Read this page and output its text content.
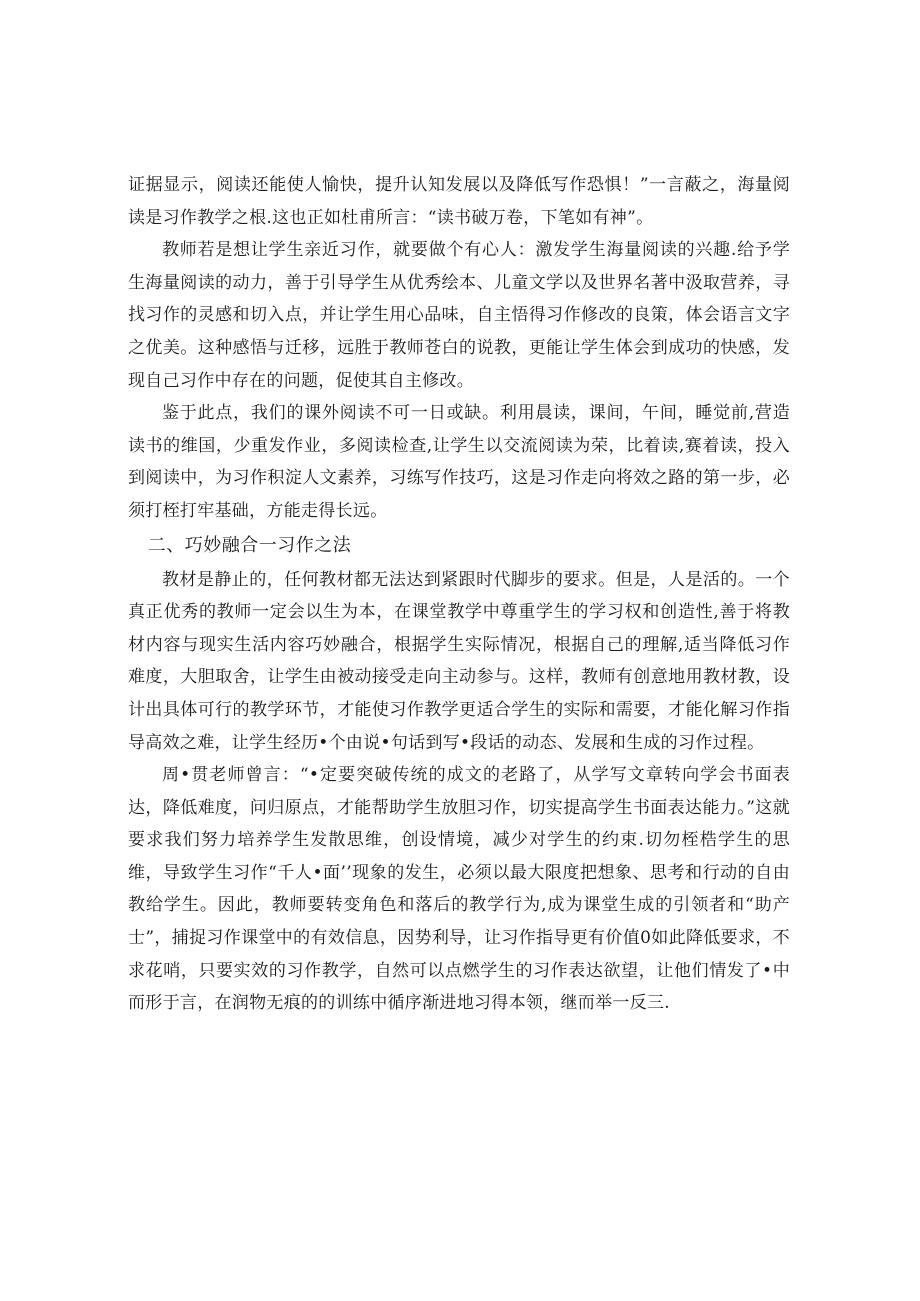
证据显示，阅读还能使人愉快，提升认知发展以及降低写作恐惧！”一言蔽之，海量阅读是习作教学之根.这也正如杜甫所言：“读书破万卷，下笔如有神”。

教师若是想让学生亲近习作，就要做个有心人：激发学生海量阅读的兴趣.给予学生海量阅读的动力，善于引导学生从优秀绘本、儿童文学以及世界名著中汲取营养，寻找习作的灵感和切入点，并让学生用心品味，自主悟得习作修改的良策，体会语言文字之优美。这种感悟与迁移，远胜于教师苍白的说教，更能让学生体会到成功的快感，发现自己习作中存在的问题，促使其自主修改。

鉴于此点，我们的课外阅读不可一日或缺。利用晨读，课间，午间，睡觉前,营造读书的维国，少重发作业，多阅读检查,让学生以交流阅读为荣，比着读,赛着读，投入到阅读中，为习作积淀人文素养，习练写作技巧，这是习作走向将效之路的第一步，必须打桎打牢基础，方能走得长远。

二、巧妙融合一习作之法

教材是静止的，任何教材都无法达到紧跟时代脚步的要求。但是，人是活的。一个真正优秀的教师一定会以生为本，在课堂教学中尊重学生的学习权和创造性,善于将教材内容与现实生活内容巧妙融合，根据学生实际情况，根据自己的理解,适当降低习作难度，大胆取舍，让学生由被动接受走向主动参与。这样，教师有创意地用教材教，设计出具体可行的教学环节，才能使习作教学更适合学生的实际和需要，才能化解习作指导高效之难，让学生经历•个由说•句话到写•段话的动态、发展和生成的习作过程。

周•贯老师曾言：“•定要突破传统的成文的老路了，从学写文章转向学会书面表达，降低难度，问归原点，才能帮助学生放胆习作，切实提高学生书面表达能力。”这就要求我们努力培养学生发散思维，创设情境，减少对学生的约束.切勿桎梏学生的思维，导致学生习作“千人•面’’现象的发生，必须以最大限度把想象、思考和行动的自由教给学生。因此，教师要转变角色和落后的教学行为,成为课堂生成的引领者和“助产士”，捕捉习作课堂中的有效信息，因势利导，让习作指导更有价值0如此降低要求，不求花哨，只要实效的习作教学，自然可以点燃学生的习作表达欲望，让他们情发了•中而形于言，在润物无痕的的训练中循序渐进地习得本领，继而举一反三.
